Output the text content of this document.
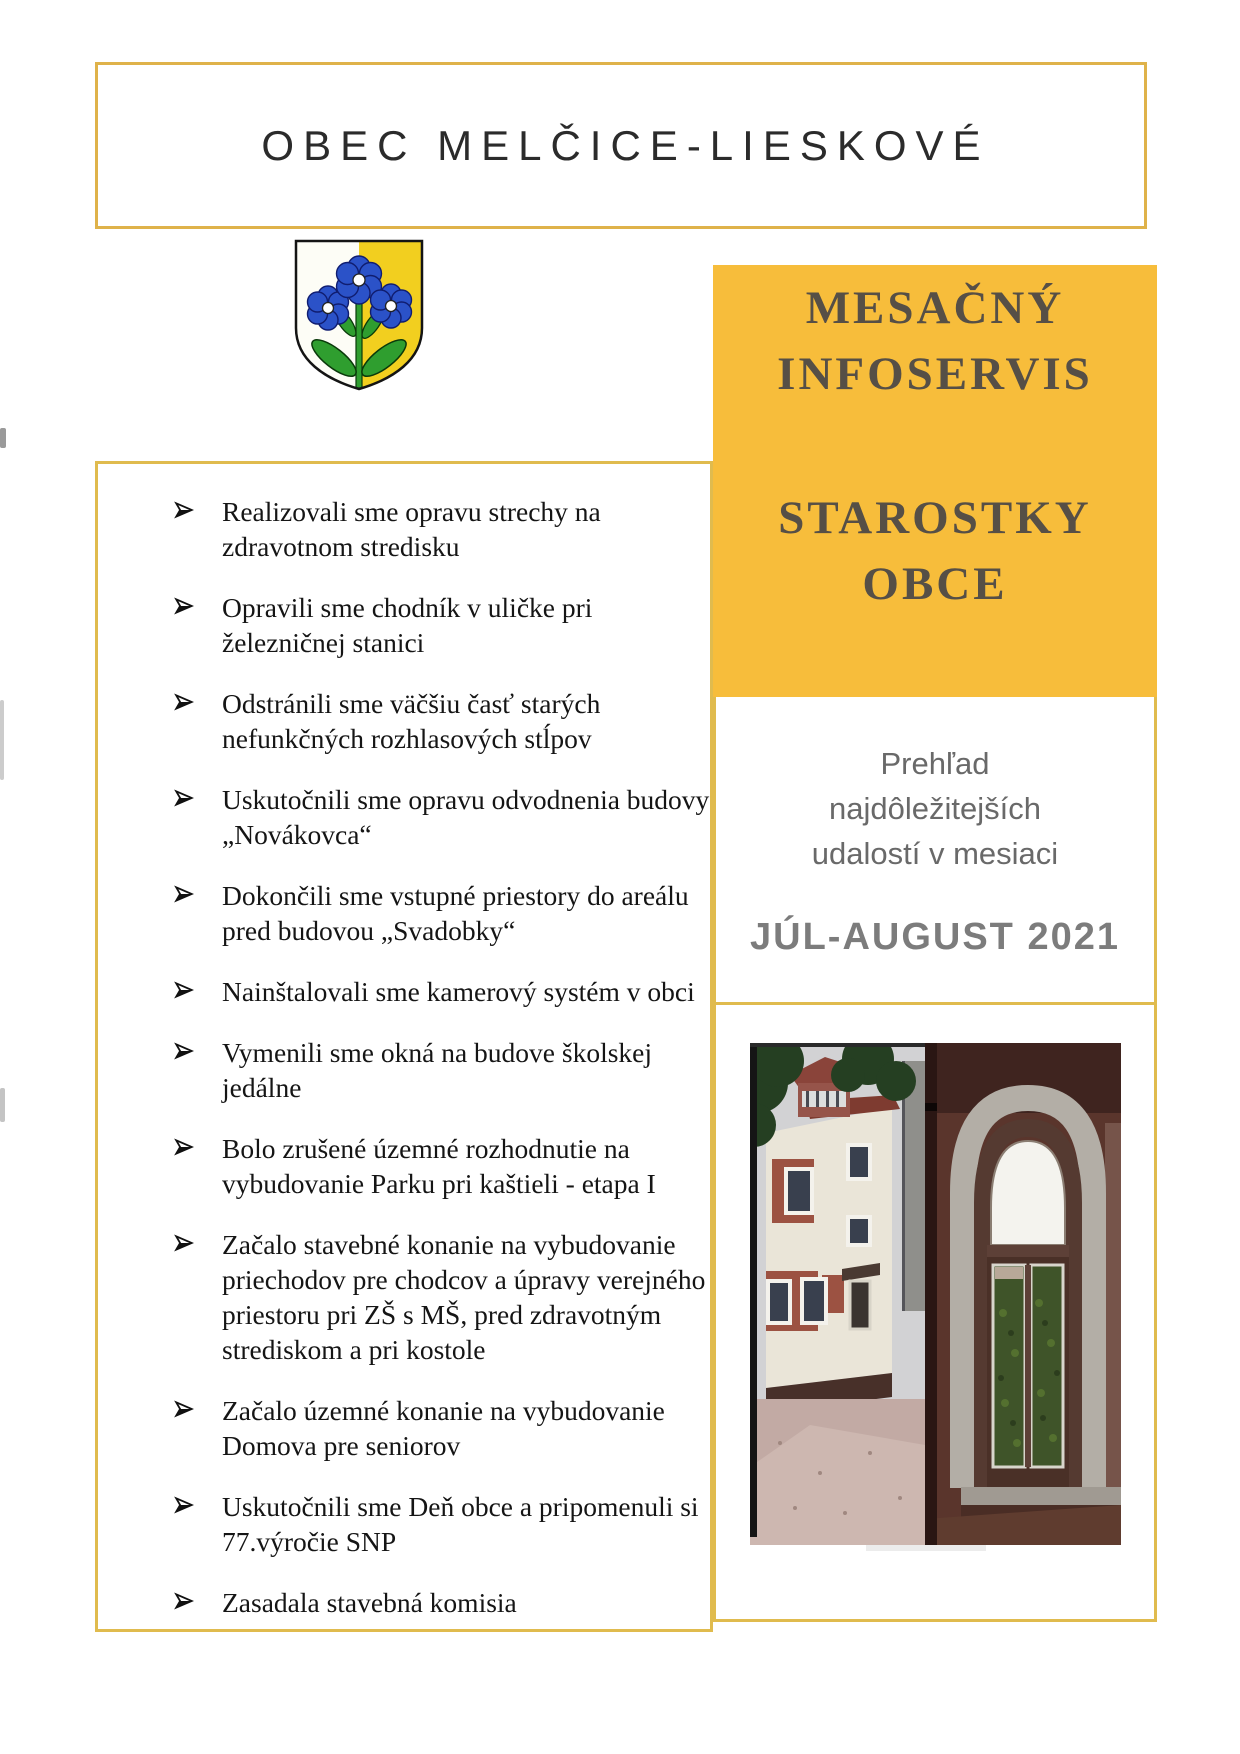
OBEC MELČICE-LIESKOVÉ
MESAČNÝ
INFOSERVIS
STAROSTKY
OBCE
Prehľad
najdôležitejších
udalostí v mesiaci
JÚL-AUGUST 2021
Realizovali sme opravu strechy na zdravotnom stredisku
Opravili sme chodník v uličke pri železničnej stanici
Odstránili sme väčšiu časť starých nefunkčných rozhlasových stĺpov
Uskutočnili sme opravu odvodnenia budovy „Novákovca“
Dokončili sme vstupné priestory do areálu pred budovou „Svadobky“
Nainštalovali sme kamerový systém v obci
Vymenili sme okná na budove školskej jedálne
Bolo zrušené územné rozhodnutie na vybudovanie Parku pri kaštieli - etapa I
Začalo stavebné konanie na vybudovanie priechodov pre chodcov a úpravy verejného priestoru pri ZŠ s MŠ, pred zdravotným strediskom a pri kostole
Začalo územné konanie na vybudovanie Domova pre seniorov
Uskutočnili sme Deň obce a pripomenuli si 77.výročie SNP
Zasadala stavebná komisia
